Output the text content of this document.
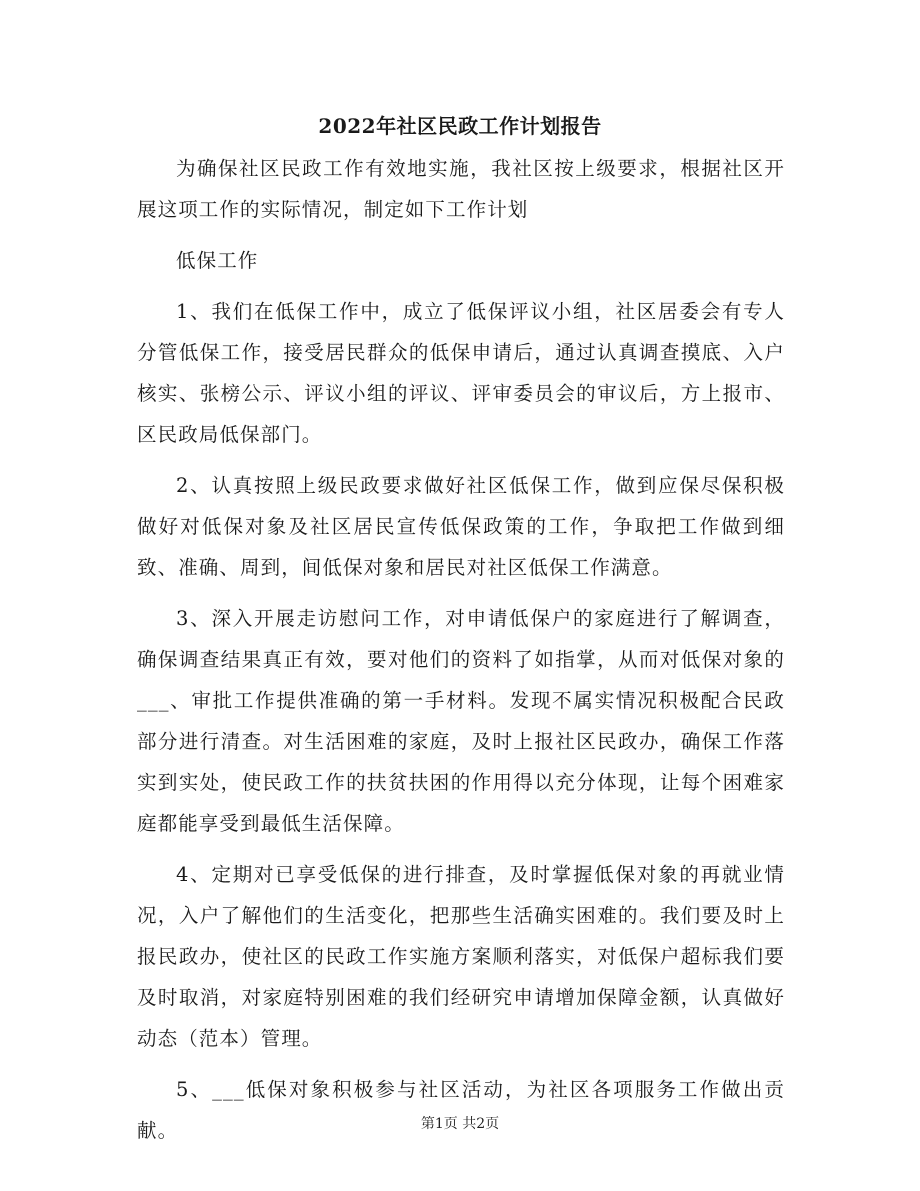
2022年社区民政工作计划报告

为确保社区民政工作有效地实施，我社区按上级要求，根据社区开展这项工作的实际情况，制定如下工作计划

低保工作

1、我们在低保工作中，成立了低保评议小组，社区居委会有专人分管低保工作，接受居民群众的低保申请后，通过认真调查摸底、入户核实、张榜公示、评议小组的评议、评审委员会的审议后，方上报市、区民政局低保部门。

2、认真按照上级民政要求做好社区低保工作，做到应保尽保积极做好对低保对象及社区居民宣传低保政策的工作，争取把工作做到细致、准确、周到，间低保对象和居民对社区低保工作满意。

3、深入开展走访慰问工作，对申请低保户的家庭进行了解调查，确保调查结果真正有效，要对他们的资料了如指掌，从而对低保对象的___、审批工作提供准确的第一手材料。发现不属实情况积极配合民政部分进行清查。对生活困难的家庭，及时上报社区民政办，确保工作落实到实处，使民政工作的扶贫扶困的作用得以充分体现，让每个困难家庭都能享受到最低生活保障。

4、定期对已享受低保的进行排查，及时掌握低保对象的再就业情况，入户了解他们的生活变化，把那些生活确实困难的。我们要及时上报民政办，使社区的民政工作实施方案顺利落实，对低保户超标我们要及时取消，对家庭特别困难的我们经研究申请增加保障金额，认真做好动态（范本）管理。

5、___低保对象积极参与社区活动，为社区各项服务工作做出贡献。	第1页 共2页
